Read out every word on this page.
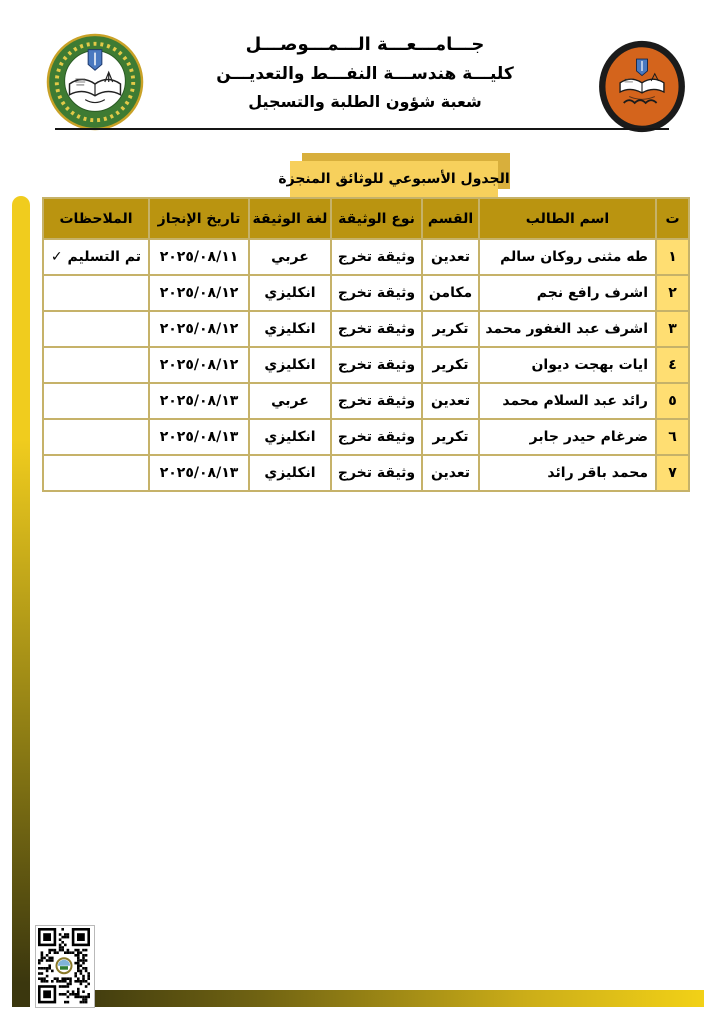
جـــامـــعـــة الـــمـــوصـــل
كليـــة هندســـة النفـــط والتعديـــن
شعبة شؤون الطلبة والتسجيل
الجدول الأسبوعي للوثائق المنجزة
ت	اسم الطالب	القسم	نوع الوثيقة	لغة الوثيقة	تاريخ الإنجاز	الملاحظات
١	طه مثنى روكان سالم	تعدين	وثيقة تخرج	عربي	٢٠٢٥/٠٨/١١	تم التسليم ✓
٢	اشرف رافع نجم	مكامن	وثيقة تخرج	انكليزي	٢٠٢٥/٠٨/١٢	
٣	اشرف عبد الغفور محمد	تكرير	وثيقة تخرج	انكليزي	٢٠٢٥/٠٨/١٢	
٤	ايات بهجت ديوان	تكرير	وثيقة تخرج	انكليزي	٢٠٢٥/٠٨/١٢	
٥	رائد عبد السلام محمد	تعدين	وثيقة تخرج	عربي	٢٠٢٥/٠٨/١٣	
٦	ضرغام حيدر جابر	تكرير	وثيقة تخرج	انكليزي	٢٠٢٥/٠٨/١٣	
٧	محمد باقر رائد	تعدين	وثيقة تخرج	انكليزي	٢٠٢٥/٠٨/١٣	
